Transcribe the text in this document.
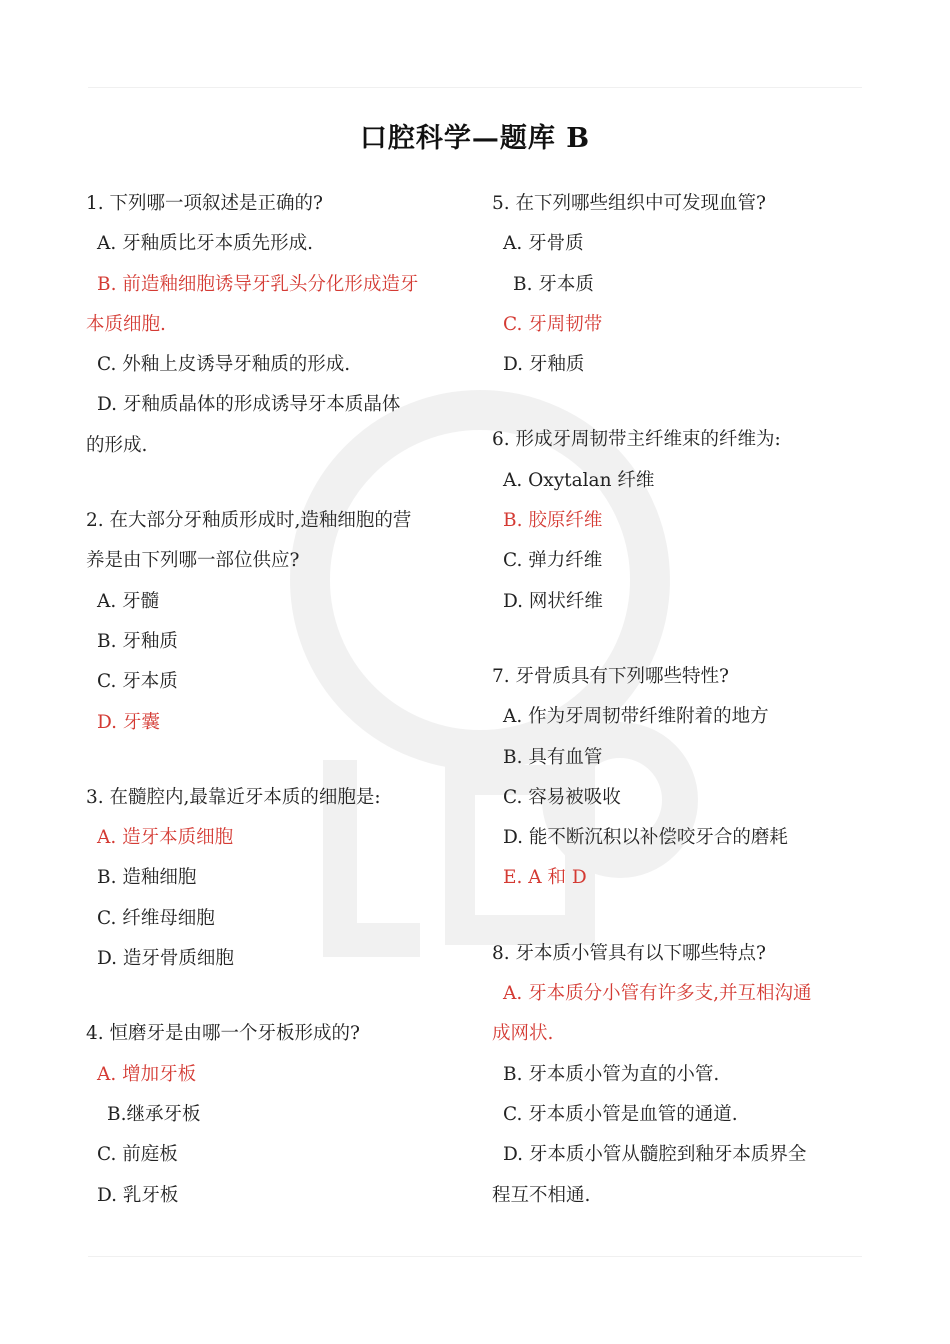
口腔科学—题库 B
1. 下列哪一项叙述是正确的?
A. 牙釉质比牙本质先形成.
B. 前造釉细胞诱导牙乳头分化形成造牙
本质细胞.
C. 外釉上皮诱导牙釉质的形成.
D. 牙釉质晶体的形成诱导牙本质晶体
的形成.
2. 在大部分牙釉质形成时,造釉细胞的营
养是由下列哪一部位供应?
A. 牙髓
B. 牙釉质
C. 牙本质
D. 牙囊
3. 在髓腔内,最靠近牙本质的细胞是:
A. 造牙本质细胞
B. 造釉细胞
C. 纤维母细胞
D. 造牙骨质细胞
4. 恒磨牙是由哪一个牙板形成的?
A. 增加牙板
B.继承牙板
C. 前庭板
D. 乳牙板
5. 在下列哪些组织中可发现血管?
A. 牙骨质
B. 牙本质
C. 牙周韧带
D. 牙釉质
6. 形成牙周韧带主纤维束的纤维为:
A. Oxytalan 纤维
B. 胶原纤维
C. 弹力纤维
D. 网状纤维
7. 牙骨质具有下列哪些特性?
A. 作为牙周韧带纤维附着的地方
B. 具有血管
C. 容易被吸收
D. 能不断沉积以补偿咬牙合的磨耗
E. A 和 D
8. 牙本质小管具有以下哪些特点?
A. 牙本质分小管有许多支,并互相沟通
成网状.
B. 牙本质小管为直的小管.
C. 牙本质小管是血管的通道.
D. 牙本质小管从髓腔到釉牙本质界全
程互不相通.
